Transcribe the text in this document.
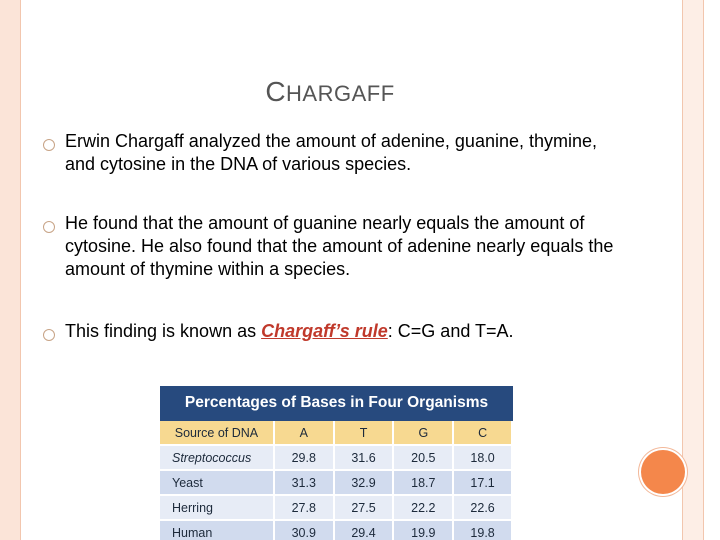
CHARGAFF
Erwin Chargaff analyzed the amount of adenine, guanine, thymine, and cytosine in the DNA of various species.
He found that the amount of guanine nearly equals the amount of cytosine. He also found that the amount of adenine nearly equals the amount of thymine within a species.
This finding is known as Chargaff’s rule: C=G and T=A.
Percentages of Bases in Four Organisms
Source of DNA	A	T	G	C
Streptococcus	29.8	31.6	20.5	18.0
Yeast	31.3	32.9	18.7	17.1
Herring	27.8	27.5	22.2	22.6
Human	30.9	29.4	19.9	19.8
